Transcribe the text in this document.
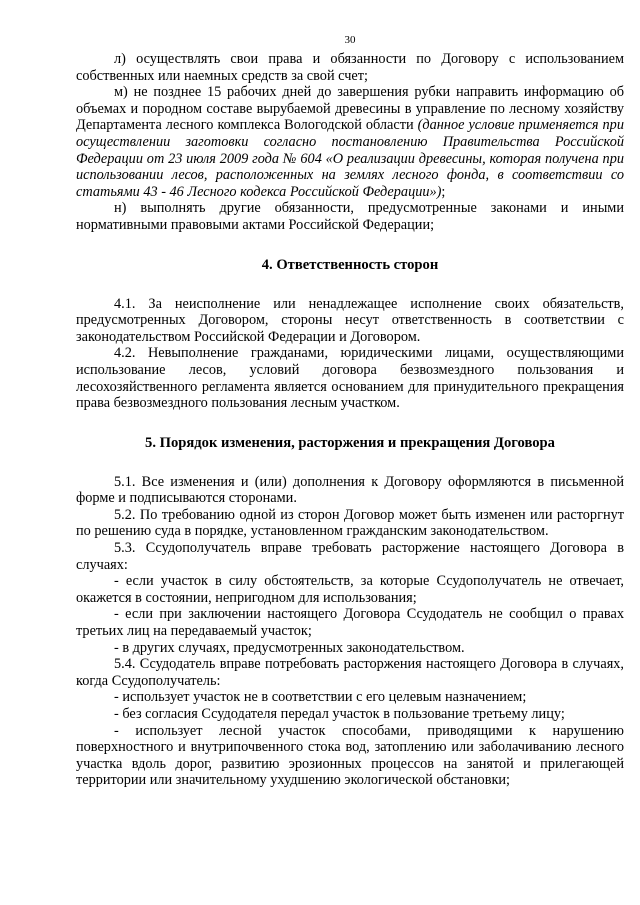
30

л) осуществлять свои права и обязанности по Договору с использованием собственных или наемных средств за свой счет;

м) не позднее 15 рабочих дней до завершения рубки направить информацию об объемах и породном составе вырубаемой древесины в управление по лесному хозяйству Департамента лесного комплекса Вологодской области (данное условие применяется при осуществлении заготовки согласно постановлению Правительства Российской Федерации от 23 июля 2009 года № 604 «О реализации древесины, которая получена при использовании лесов, расположенных на землях лесного фонда, в соответствии со статьями 43 - 46 Лесного кодекса Российской Федерации»);

н) выполнять другие обязанности, предусмотренные законами и иными нормативными правовыми актами Российской Федерации;

4. Ответственность сторон

4.1. За неисполнение или ненадлежащее исполнение своих обязательств, предусмотренных Договором, стороны несут ответственность в соответствии с законодательством Российской Федерации и Договором.

4.2. Невыполнение гражданами, юридическими лицами, осуществляющими использование лесов, условий договора безвозмездного пользования и лесохозяйственного регламента является основанием для принудительного прекращения права безвозмездного пользования лесным участком.

5. Порядок изменения, расторжения и прекращения Договора

5.1. Все изменения и (или) дополнения к Договору оформляются в письменной форме и подписываются сторонами.

5.2. По требованию одной из сторон Договор может быть изменен или расторгнут по решению суда в порядке, установленном гражданским законодательством.

5.3. Ссудополучатель вправе требовать расторжение настоящего Договора в случаях:

- если участок в силу обстоятельств, за которые Ссудополучатель не отвечает, окажется в состоянии, непригодном для использования;

- если при заключении настоящего Договора Ссудодатель не сообщил о правах третьих лиц на передаваемый участок;

- в других случаях, предусмотренных законодательством.

5.4. Ссудодатель вправе потребовать расторжения настоящего Договора в случаях, когда Ссудополучатель:

- использует участок не в соответствии с его целевым назначением;

- без согласия Ссудодателя передал участок в пользование третьему лицу;

- использует лесной участок способами, приводящими к нарушению поверхностного и внутрипочвенного стока вод, затоплению или заболачиванию лесного участка вдоль дорог, развитию эрозионных процессов на занятой и прилегающей территории или значительному ухудшению экологической обстановки;
